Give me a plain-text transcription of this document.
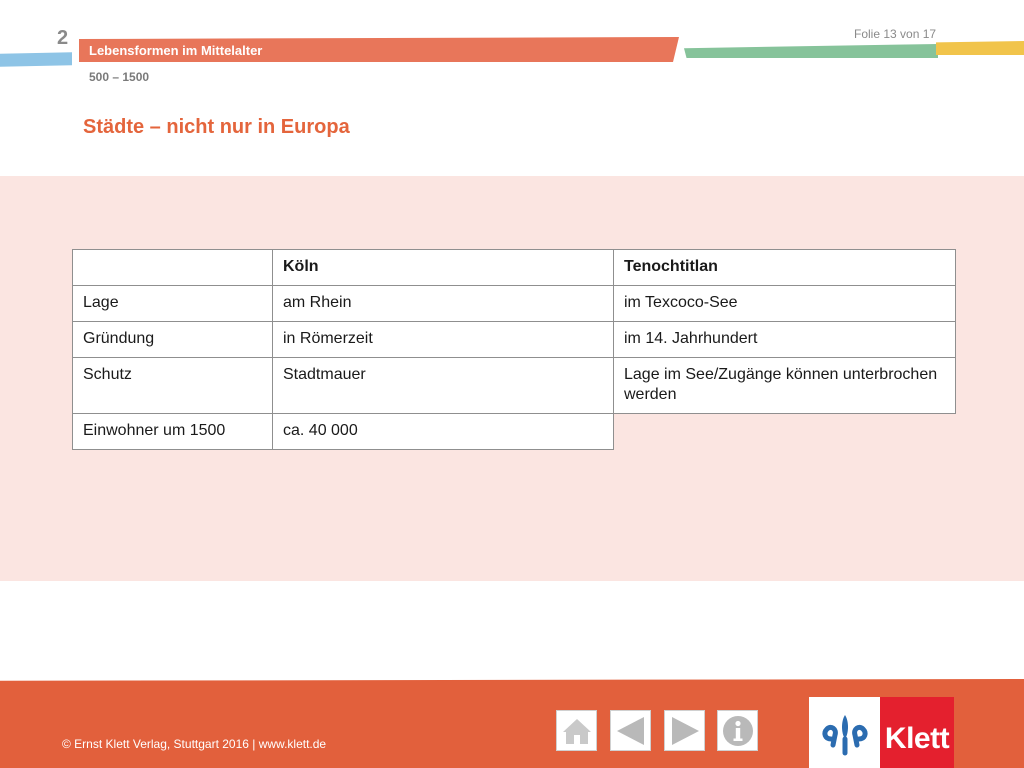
2
Lebensformen im Mittelalter
500 – 1500
Folie 13 von 17
Städte – nicht nur in Europa
	Köln	Tenochtitlan
Lage	am Rhein	im Texcoco-See
Gründung	in Römerzeit	im 14. Jahrhundert
Schutz	Stadtmauer	Lage im See/Zugänge können unterbrochen werden
Einwohner um 1500	ca. 40 000	
© Ernst Klett Verlag, Stuttgart 2016 | www.klett.de	Klett
